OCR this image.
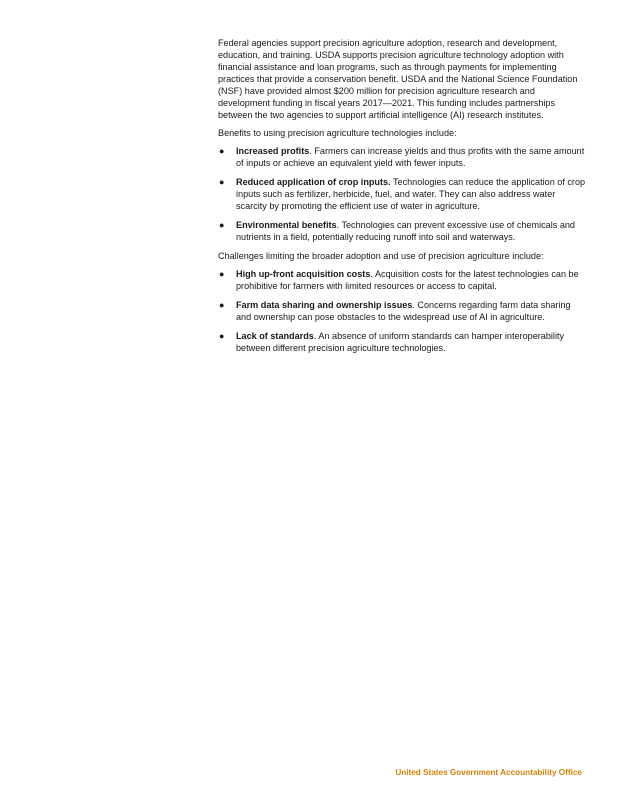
Federal agencies support precision agriculture adoption, research and development, education, and training. USDA supports precision agriculture technology adoption with financial assistance and loan programs, such as through payments for implementing practices that provide a conservation benefit. USDA and the National Science Foundation (NSF) have provided almost $200 million for precision agriculture research and development funding in fiscal years 2017—2021. This funding includes partnerships between the two agencies to support artificial intelligence (AI) research institutes.

Benefits to using precision agriculture technologies include:

● Increased profits. Farmers can increase yields and thus profits with the same amount of inputs or achieve an equivalent yield with fewer inputs.
● Reduced application of crop inputs. Technologies can reduce the application of crop inputs such as fertilizer, herbicide, fuel, and water. They can also address water scarcity by promoting the efficient use of water in agriculture.
● Environmental benefits. Technologies can prevent excessive use of chemicals and nutrients in a field, potentially reducing runoff into soil and waterways.

Challenges limiting the broader adoption and use of precision agriculture include:

● High up-front acquisition costs. Acquisition costs for the latest technologies can be prohibitive for farmers with limited resources or access to capital.
● Farm data sharing and ownership issues. Concerns regarding farm data sharing and ownership can pose obstacles to the widespread use of AI in agriculture.
● Lack of standards. An absence of uniform standards can hamper interoperability between different precision agriculture technologies.
United States Government Accountability Office
